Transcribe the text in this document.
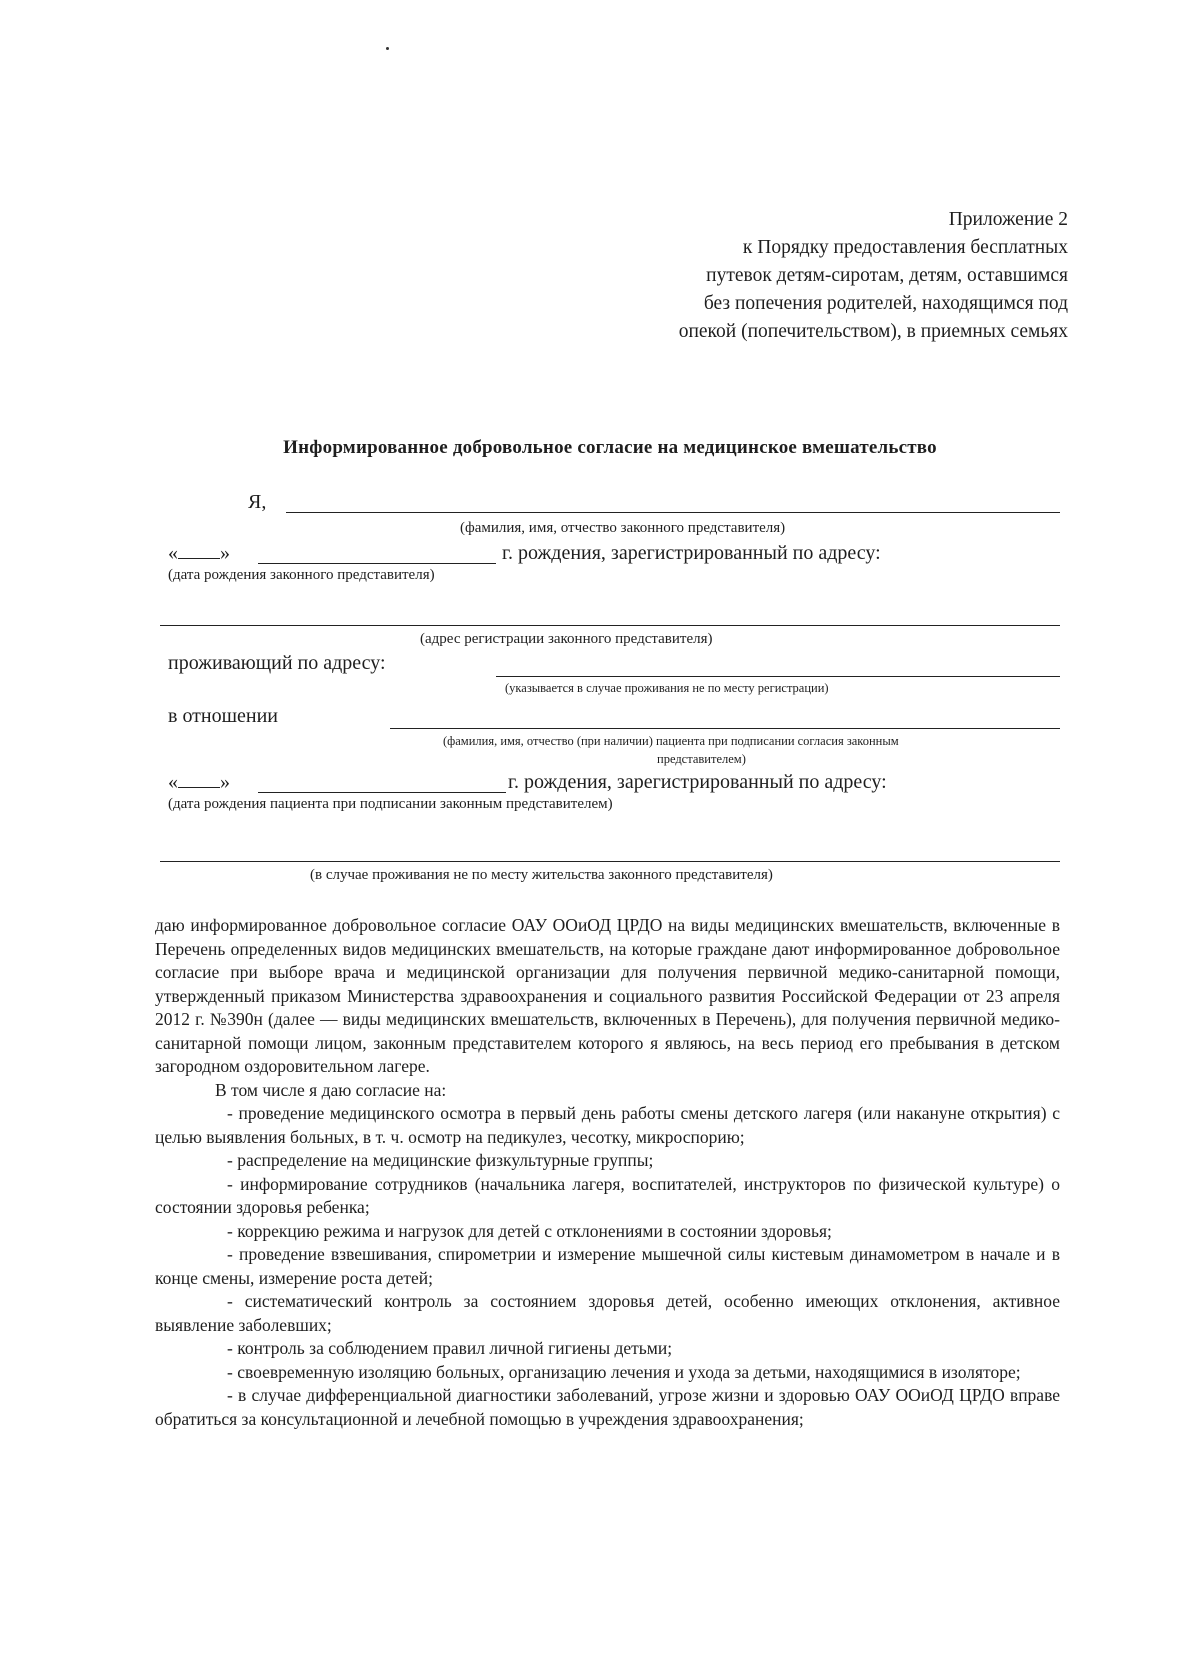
Приложение 2
к Порядку предоставления бесплатных
путевок детям-сиротам, детям, оставшимся
без попечения родителей, находящимся под
опекой (попечительством), в приемных семьях
Информированное добровольное согласие на медицинское вмешательство
Я,
(фамилия, имя, отчество законного представителя)
« »	г. рождения, зарегистрированный по адресу:
(дата рождения законного представителя)
(адрес регистрации законного представителя)
проживающий по адресу:
(указывается в случае проживания не по месту регистрации)
в отношении
(фамилия, имя, отчество (при наличии) пациента при подписании согласия законным
представителем)
« »	г. рождения, зарегистрированный по адресу:
(дата рождения пациента при подписании законным представителем)
(в случае проживания не по месту жительства законного представителя)

даю информированное добровольное согласие ОАУ ООиОД ЦРДО на виды медицинских вмешательств, включенные в Перечень определенных видов медицинских вмешательств, на которые граждане дают информированное добровольное согласие при выборе врача и медицинской организации для получения первичной медико-санитарной помощи, утвержденный приказом Министерства здравоохранения и социального развития Российской Федерации от 23 апреля 2012 г. №390н (далее — виды медицинских вмешательств, включенных в Перечень), для получения первичной медико-санитарной помощи лицом, законным представителем которого я являюсь, на весь период его пребывания в детском загородном оздоровительном лагере.

В том числе я даю согласие на:

- проведение медицинского осмотра в первый день работы смены детского лагеря (или накануне открытия) с целью выявления больных, в т. ч. осмотр на педикулез, чесотку, микроспорию;

- распределение на медицинские физкультурные группы;

- информирование сотрудников (начальника лагеря, воспитателей, инструкторов по физической культуре) о состоянии здоровья ребенка;

- коррекцию режима и нагрузок для детей с отклонениями в состоянии здоровья;

- проведение взвешивания, спирометрии и измерение мышечной силы кистевым динамометром в начале и в конце смены, измерение роста детей;

- систематический контроль за состоянием здоровья детей, особенно имеющих отклонения, активное выявление заболевших;

- контроль за соблюдением правил личной гигиены детьми;

- своевременную изоляцию больных, организацию лечения и ухода за детьми, находящимися в изоляторе;

- в случае дифференциальной диагностики заболеваний, угрозе жизни и здоровью ОАУ ООиОД ЦРДО вправе обратиться за консультационной и лечебной помощью в учреждения здравоохранения;
